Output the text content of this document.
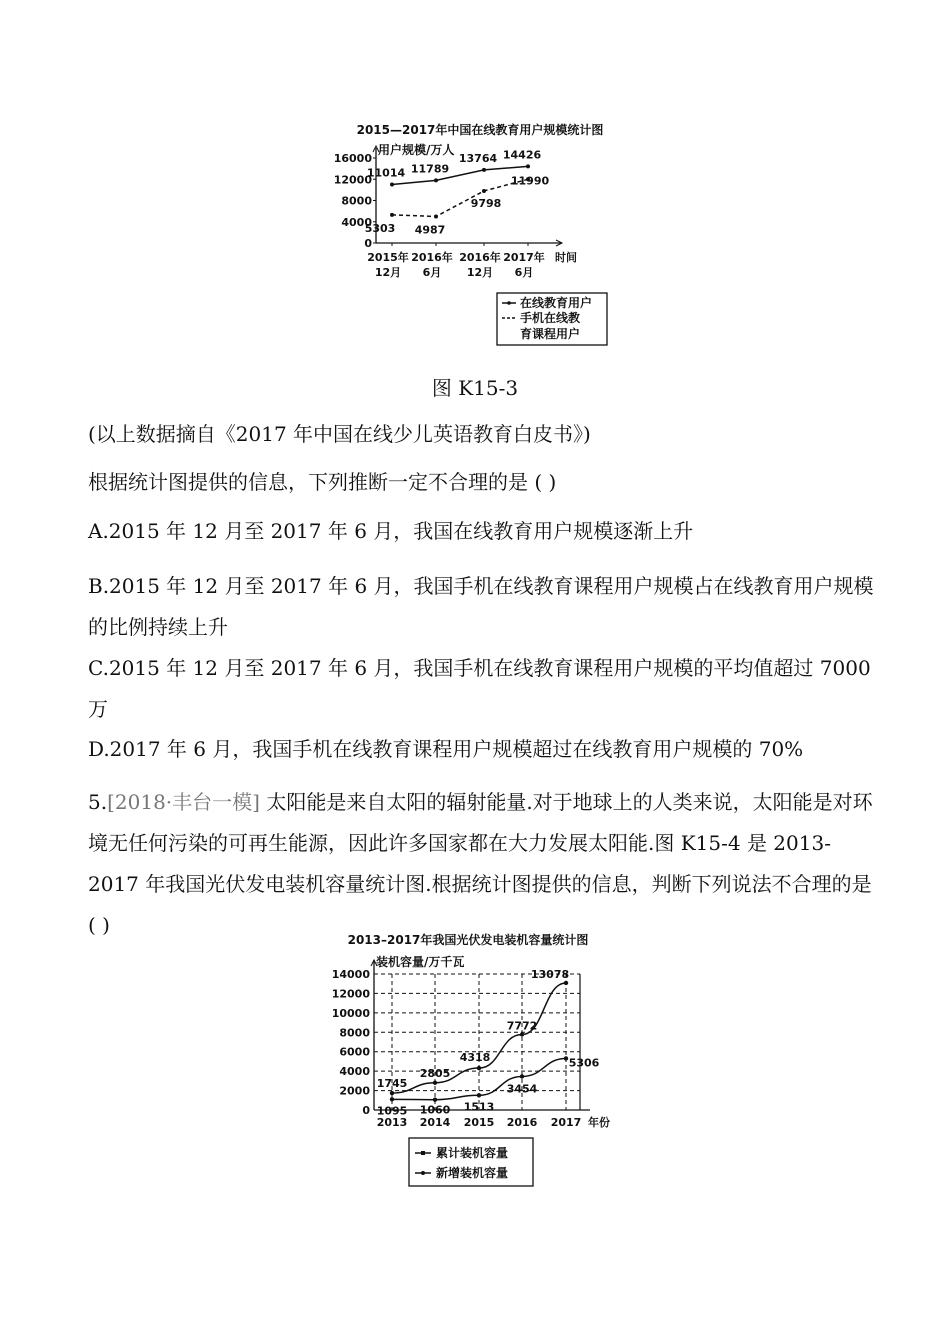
2015—2017年中国在线教育用户规模统计图
用户规模/万人
16000
12000
8000
4000
0
2015年
12月
2016年
6月
2016年
12月
2017年
6月
时间
11014 11789
13764 14426
5303 4987
9798
11990
在线教育用户
手机在线教
育课程用户
图 K15-3

(以上数据摘自《2017 年中国在线少儿英语教育白皮书》)

根据统计图提供的信息，下列推断一定不合理的是 ( )

A.2015 年 12 月至 2017 年 6 月，我国在线教育用户规模逐渐上升

B.2015 年 12 月至 2017 年 6 月，我国手机在线教育课程用户规模占在线教育用户规模的比例持续上升

C.2015 年 12 月至 2017 年 6 月，我国手机在线教育课程用户规模的平均值超过 7000 万

D.2017 年 6 月，我国手机在线教育课程用户规模超过在线教育用户规模的 70%

5.[2018·丰台一模] 太阳能是来自太阳的辐射能量.对于地球上的人类来说，太阳能是对环境无任何污染的可再生能源，因此许多国家都在大力发展太阳能.图 K15-4 是 2013-2017 年我国光伏发电装机容量统计图.根据统计图提供的信息，判断下列说法不合理的是 ( )

2013–2017年我国光伏发电装机容量统计图
装机容量/万千瓦
14000
12000
10000
8000
6000
4000
2000
0
2013 2014 2015 2016 2017 年份
1745
2805
4318
7772
13078
1095 1060 1513
3454
5306
累计装机容量
新增装机容量
